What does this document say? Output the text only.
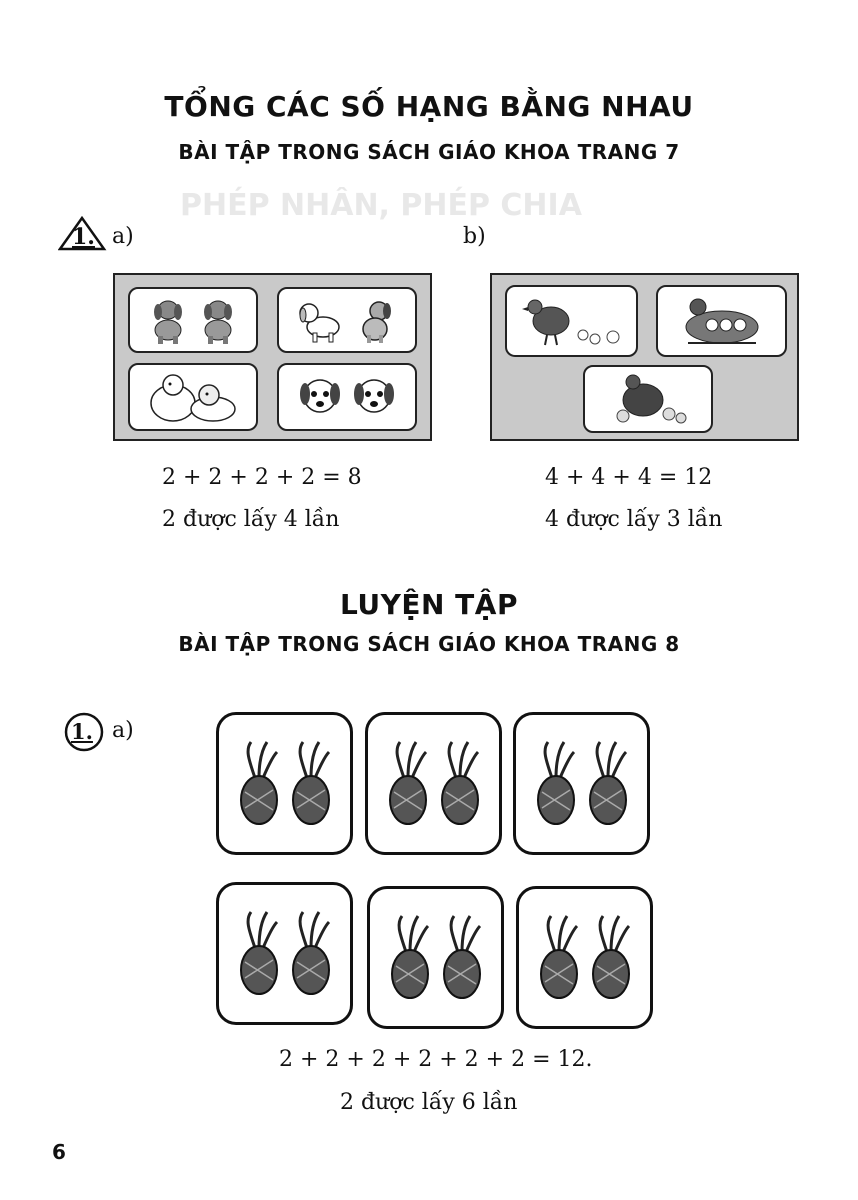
PHÉP NHÂN, PHÉP CHIA
TỔNG CÁC SỐ HẠNG BẰNG NHAU
BÀI TẬP TRONG SÁCH GIÁO KHOA TRANG 7
1. a)	b)
2 + 2 + 2 + 2 = 8
2 được lấy 4 lần
4 + 4 + 4 = 12
4 được lấy 3 lần
LUYỆN TẬP
BÀI TẬP TRONG SÁCH GIÁO KHOA TRANG 8
1. a)
2 + 2 + 2 + 2 + 2 + 2 = 12.
2 được lấy 6 lần
6
